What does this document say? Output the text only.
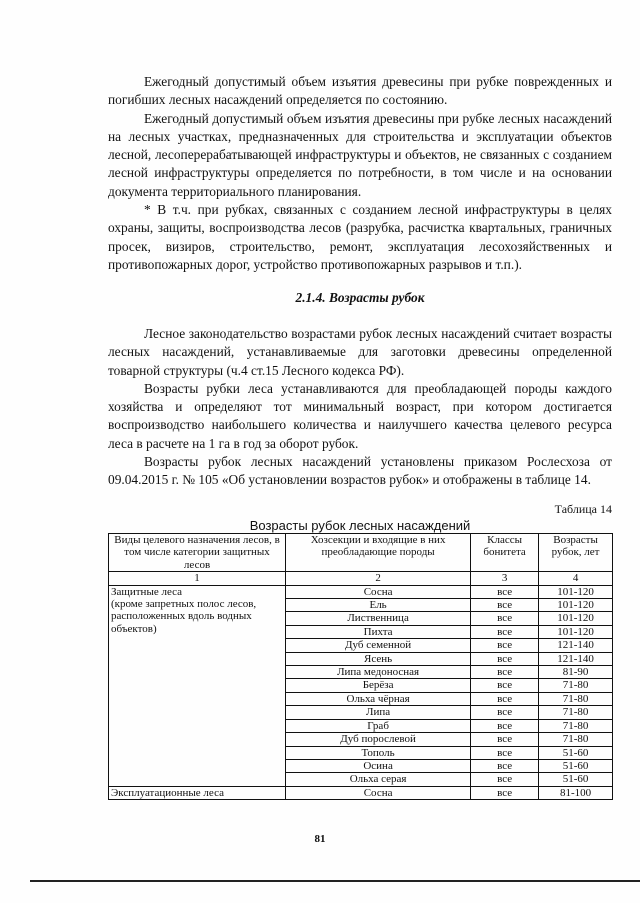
Ежегодный допустимый объем изъятия древесины при рубке поврежденных и погибших лесных насаждений определяется по состоянию.

Ежегодный допустимый объем изъятия древесины при рубке лесных насаждений на лесных участках, предназначенных для строительства и эксплуатации объектов лесной, лесоперерабатывающей инфраструктуры и объектов, не связанных с созданием лесной инфраструктуры определяется по потребности, в том числе и на основании документа территориального планирования.

* В т.ч. при рубках, связанных с созданием лесной инфраструктуры в целях охраны, защиты, воспроизводства лесов (разрубка, расчистка квартальных, граничных просек, визиров, строительство, ремонт, эксплуатация лесохозяйственных и противопожарных дорог, устройство противопожарных разрывов и т.п.).

2.1.4. Возрасты рубок

Лесное законодательство возрастами рубок лесных насаждений считает возрасты лесных насаждений, устанавливаемые для заготовки древесины определенной товарной структуры (ч.4 ст.15 Лесного кодекса РФ).

Возрасты рубки леса устанавливаются для преобладающей породы каждого хозяйства и определяют тот минимальный возраст, при котором достигается воспроизводство наибольшего количества и наилучшего качества целевого ресурса леса в расчете на 1 га в год за оборот рубок.

Возрасты рубок лесных насаждений установлены приказом Рослесхоза от 09.04.2015 г. № 105 «Об установлении возрастов рубок» и отображены в таблице 14.

Таблица 14
Возрасты рубок лесных насаждений
Виды целевого назначения лесов, в том числе категории защитных лесов	Хозсекции и входящие в них преобладающие породы	Классы бонитета	Возрасты рубок, лет
1	2	3	4
Защитные леса
(кроме запретных полос лесов, расположенных вдоль водных объектов)	Сосна	все	101-120
	Ель	все	101-120
	Лиственница	все	101-120
	Пихта	все	101-120
	Дуб семенной	все	121-140
	Ясень	все	121-140
	Липа медоносная	все	81-90
	Берёза	все	71-80
	Ольха чёрная	все	71-80
	Липа	все	71-80
	Граб	все	71-80
	Дуб порослевой	все	71-80
	Тополь	все	51-60
	Осина	все	51-60
	Ольха серая	все	51-60
Эксплуатационные леса	Сосна	все	81-100
81
